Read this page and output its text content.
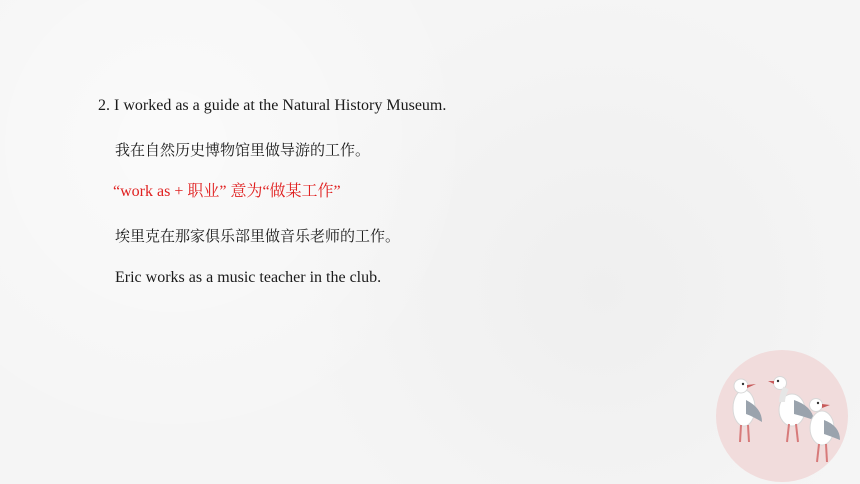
2. I worked as a guide at the Natural History Museum.
我在自然历史博物馆里做导游的工作。
“work as + 职业” 意为“做某工作”
埃里克在那家俱乐部里做音乐老师的工作。
Eric works as a music teacher in the club.
